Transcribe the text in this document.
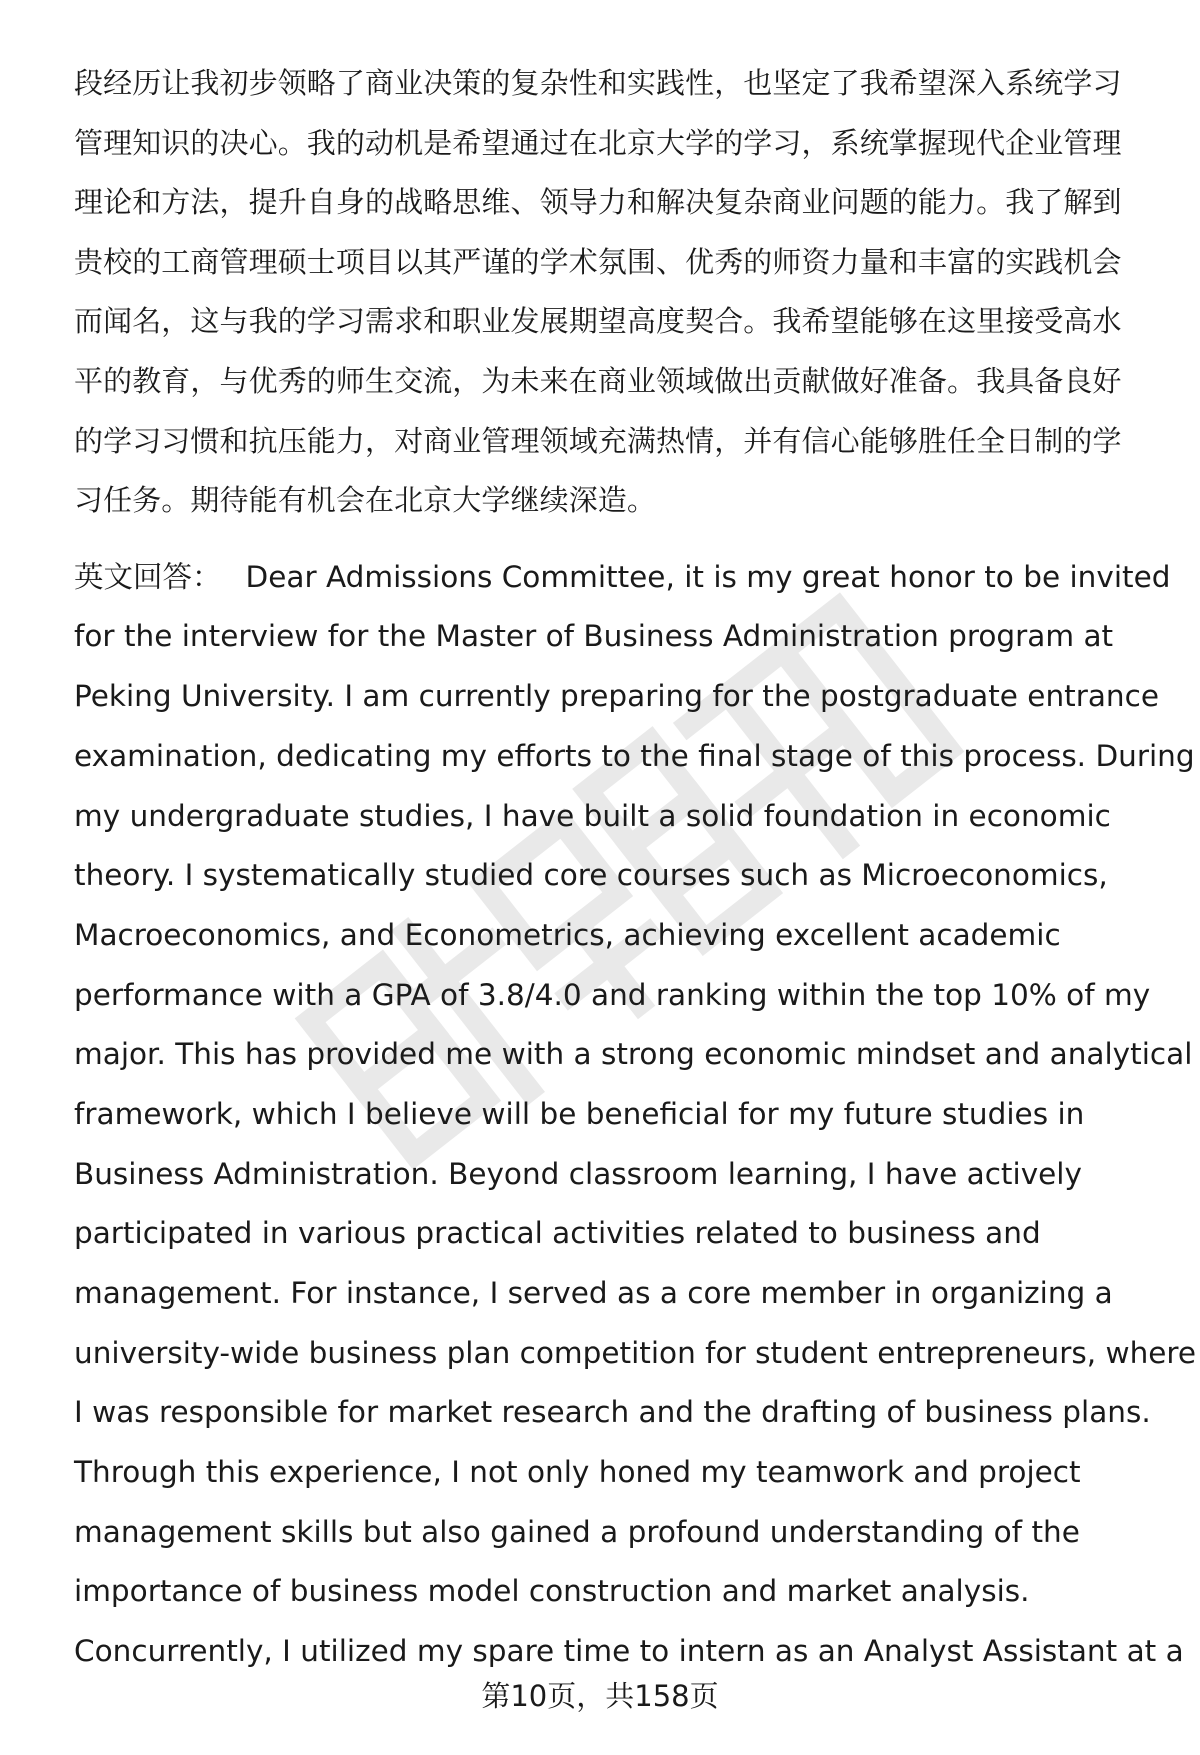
段经历让我初步领略了商业决策的复杂性和实践性，也坚定了我希望深入系统学习
管理知识的决心。我的动机是希望通过在北京大学的学习，系统掌握现代企业管理
理论和方法，提升自身的战略思维、领导力和解决复杂商业问题的能力。我了解到
贵校的工商管理硕士项目以其严谨的学术氛围、优秀的师资力量和丰富的实践机会
而闻名，这与我的学习需求和职业发展期望高度契合。我希望能够在这里接受高水
平的教育，与优秀的师生交流，为未来在商业领域做出贡献做好准备。我具备良好
的学习习惯和抗压能力，对商业管理领域充满热情，并有信心能够胜任全日制的学
习任务。期待能有机会在北京大学继续深造。
英文回答： Dear Admissions Committee, it is my great honor to be invited
for the interview for the Master of Business Administration program at
Peking University. I am currently preparing for the postgraduate entrance
examination, dedicating my efforts to the final stage of this process. During
my undergraduate studies, I have built a solid foundation in economic
theory. I systematically studied core courses such as Microeconomics,
Macroeconomics, and Econometrics, achieving excellent academic
performance with a GPA of 3.8/4.0 and ranking within the top 10% of my
major. This has provided me with a strong economic mindset and analytical
framework, which I believe will be beneficial for my future studies in
Business Administration. Beyond classroom learning, I have actively
participated in various practical activities related to business and
management. For instance, I served as a core member in organizing a
university-wide business plan competition for student entrepreneurs, where
I was responsible for market research and the drafting of business plans.
Through this experience, I not only honed my teamwork and project
management skills but also gained a profound understanding of the
importance of business model construction and market analysis.
Concurrently, I utilized my spare time to intern as an Analyst Assistant at a
第10页，共158页
